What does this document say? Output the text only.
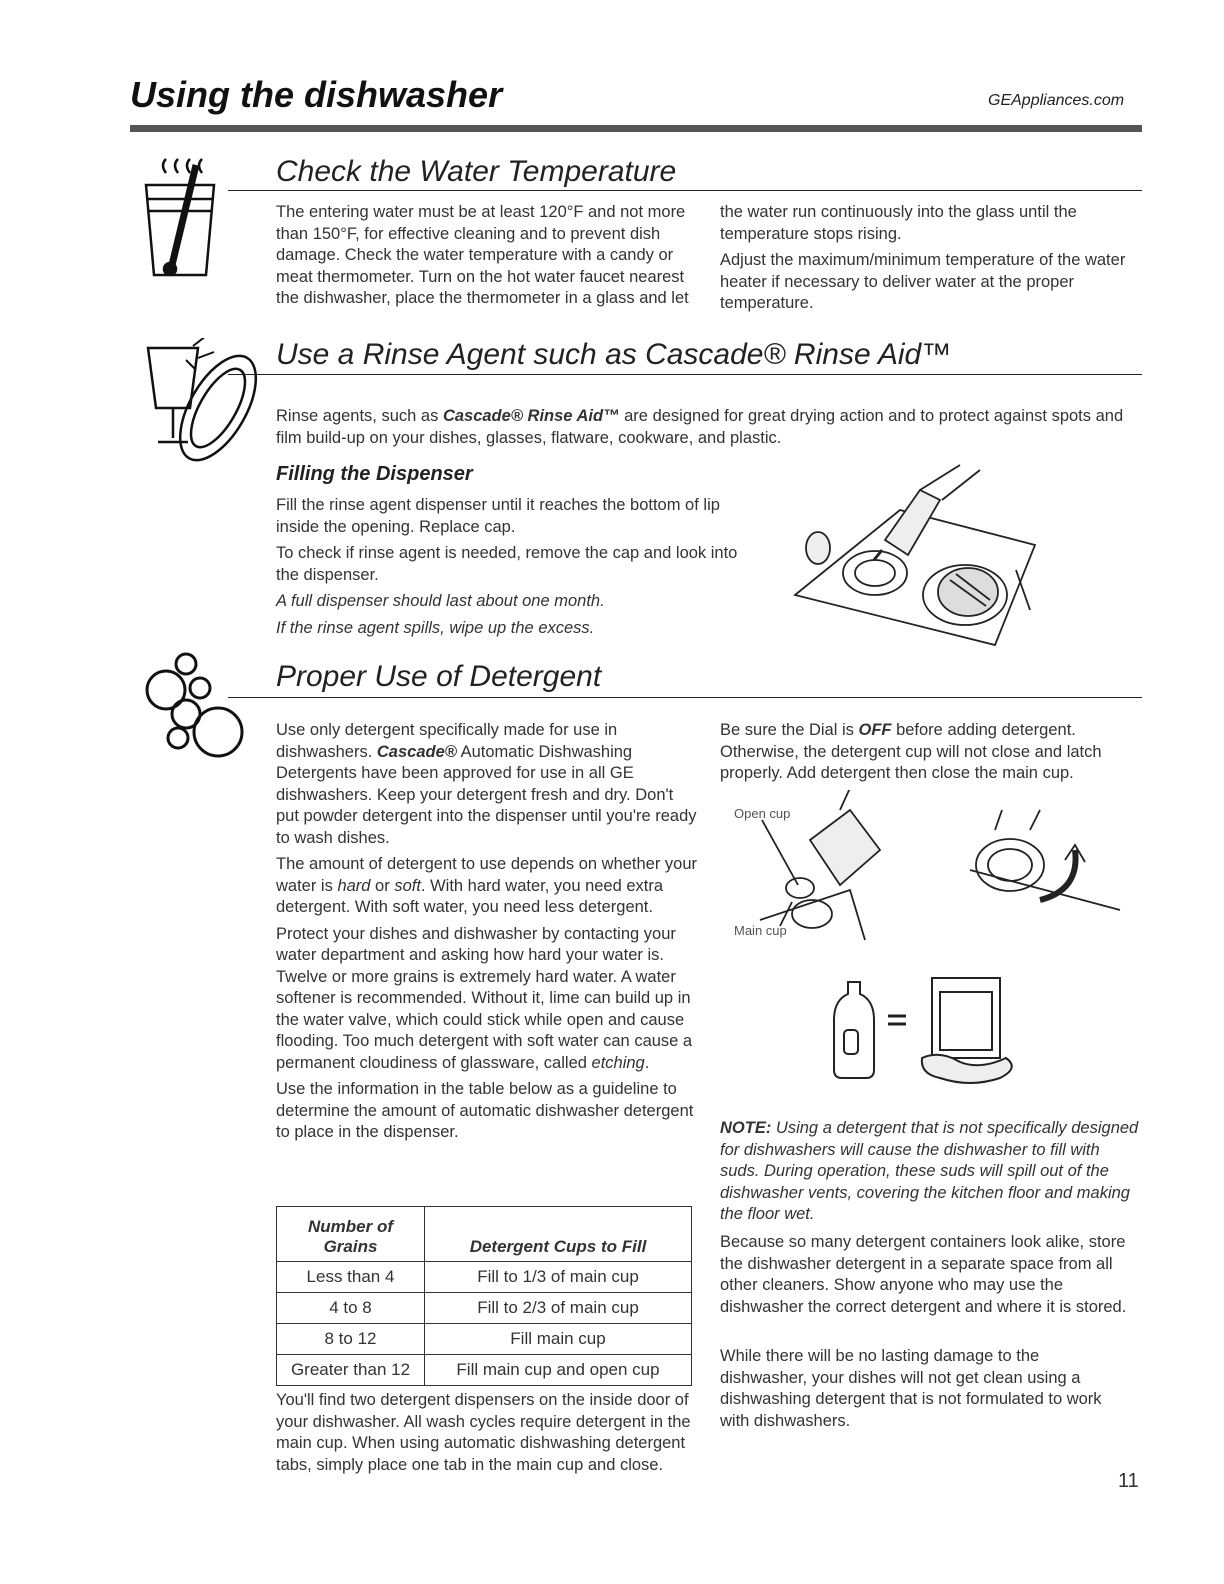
Using the dishwasher	GEAppliances.com
Check the Water Temperature

The entering water must be at least 120°F and not more than 150°F, for effective cleaning and to prevent dish damage. Check the water temperature with a candy or meat thermometer. Turn on the hot water faucet nearest the dishwasher, place the thermometer in a glass and let the water run continuously into the glass until the temperature stops rising.

Adjust the maximum/minimum temperature of the water heater if necessary to deliver water at the proper temperature.

Use a Rinse Agent such as Cascade® Rinse Aid™
Rinse agents, such as Cascade® Rinse Aid™ are designed for great drying action and to protect against spots and film build-up on your dishes, glasses, flatware, cookware, and plastic.
Filling the Dispenser

Fill the rinse agent dispenser until it reaches the bottom of lip inside the opening. Replace cap.

To check if rinse agent is needed, remove the cap and look into the dispenser.

A full dispenser should last about one month.

If the rinse agent spills, wipe up the excess.

Proper Use of Detergent

Use only detergent specifically made for use in dishwashers. Cascade® Automatic Dishwashing Detergents have been approved for use in all GE dishwashers. Keep your detergent fresh and dry. Don't put powder detergent into the dispenser until you're ready to wash dishes.

The amount of detergent to use depends on whether your water is hard or soft. With hard water, you need extra detergent. With soft water, you need less detergent.

Protect your dishes and dishwasher by contacting your water department and asking how hard your water is. Twelve or more grains is extremely hard water. A water softener is recommended. Without it, lime can build up in the water valve, which could stick while open and cause flooding. Too much detergent with soft water can cause a permanent cloudiness of glassware, called etching.

Use the information in the table below as a guideline to determine the amount of automatic dishwasher detergent to place in the dispenser.

Number of Grains	Detergent Cups to Fill
Less than 4	Fill to 1/3 of main cup
4 to 8	Fill to 2/3 of main cup
8 to 12	Fill main cup
Greater than 12	Fill main cup and open cup
You'll find two detergent dispensers on the inside door of your dishwasher. All wash cycles require detergent in the main cup. When using automatic dishwashing detergent tabs, simply place one tab in the main cup and close.
Be sure the Dial is OFF before adding detergent. Otherwise, the detergent cup will not close and latch properly. Add detergent then close the main cup.
Open cup
Main cup
NOTE: Using a detergent that is not specifically designed for dishwashers will cause the dishwasher to fill with suds. During operation, these suds will spill out of the dishwasher vents, covering the kitchen floor and making the floor wet.
Because so many detergent containers look alike, store the dishwasher detergent in a separate space from all other cleaners. Show anyone who may use the dishwasher the correct detergent and where it is stored.
While there will be no lasting damage to the dishwasher, your dishes will not get clean using a dishwashing detergent that is not formulated to work with dishwashers.
11
